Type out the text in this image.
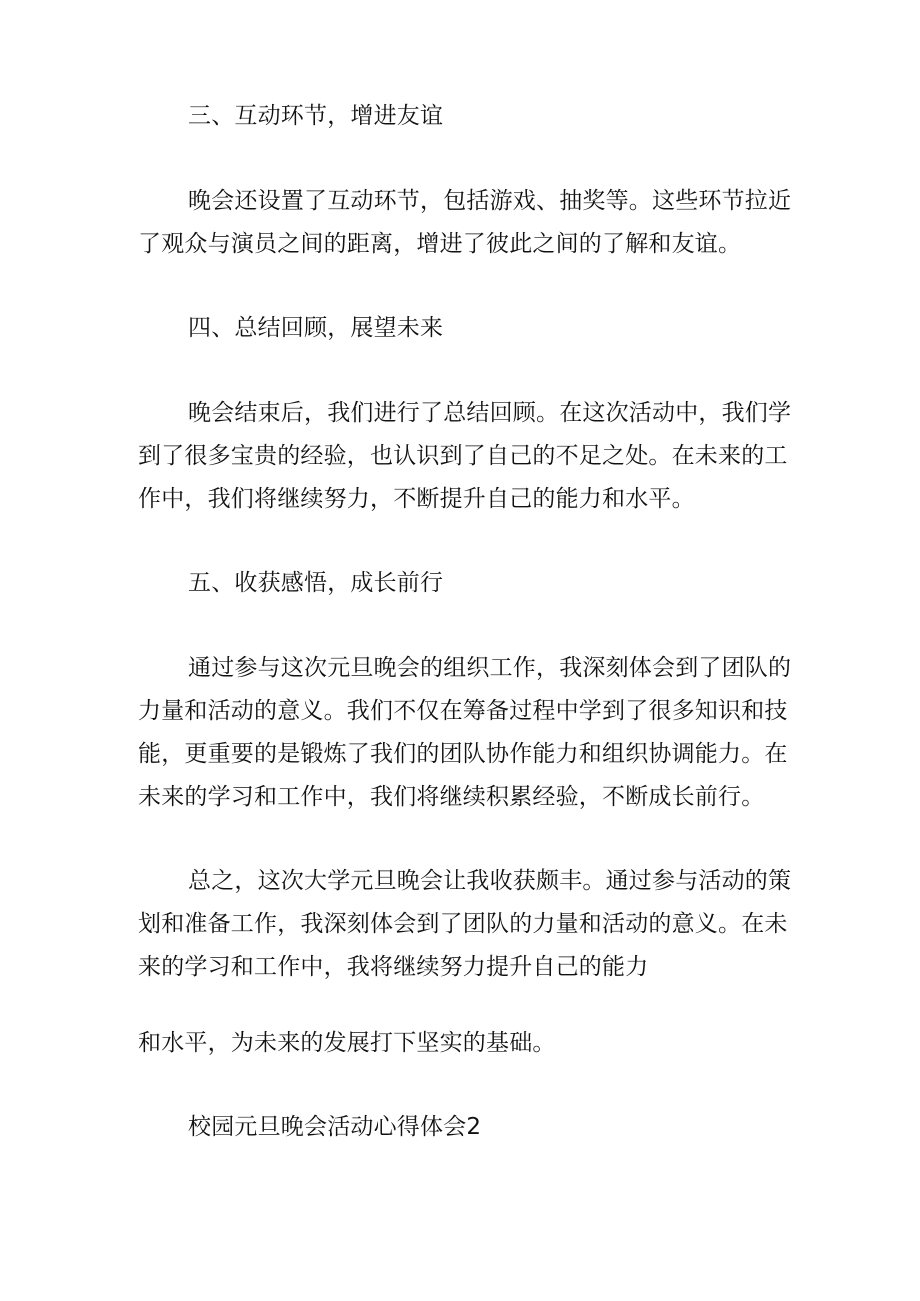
三、互动环节，增进友谊
晚会还设置了互动环节，包括游戏、抽奖等。这些环节拉近
了观众与演员之间的距离，增进了彼此之间的了解和友谊。
四、总结回顾，展望未来
晚会结束后，我们进行了总结回顾。在这次活动中，我们学
到了很多宝贵的经验，也认识到了自己的不足之处。在未来的工
作中，我们将继续努力，不断提升自己的能力和水平。
五、收获感悟，成长前行
通过参与这次元旦晚会的组织工作，我深刻体会到了团队的
力量和活动的意义。我们不仅在筹备过程中学到了很多知识和技
能，更重要的是锻炼了我们的团队协作能力和组织协调能力。在
未来的学习和工作中，我们将继续积累经验，不断成长前行。
总之，这次大学元旦晚会让我收获颇丰。通过参与活动的策
划和准备工作，我深刻体会到了团队的力量和活动的意义。在未
来的学习和工作中，我将继续努力提升自己的能力
和水平，为未来的发展打下坚实的基础。
校园元旦晚会活动心得体会2
